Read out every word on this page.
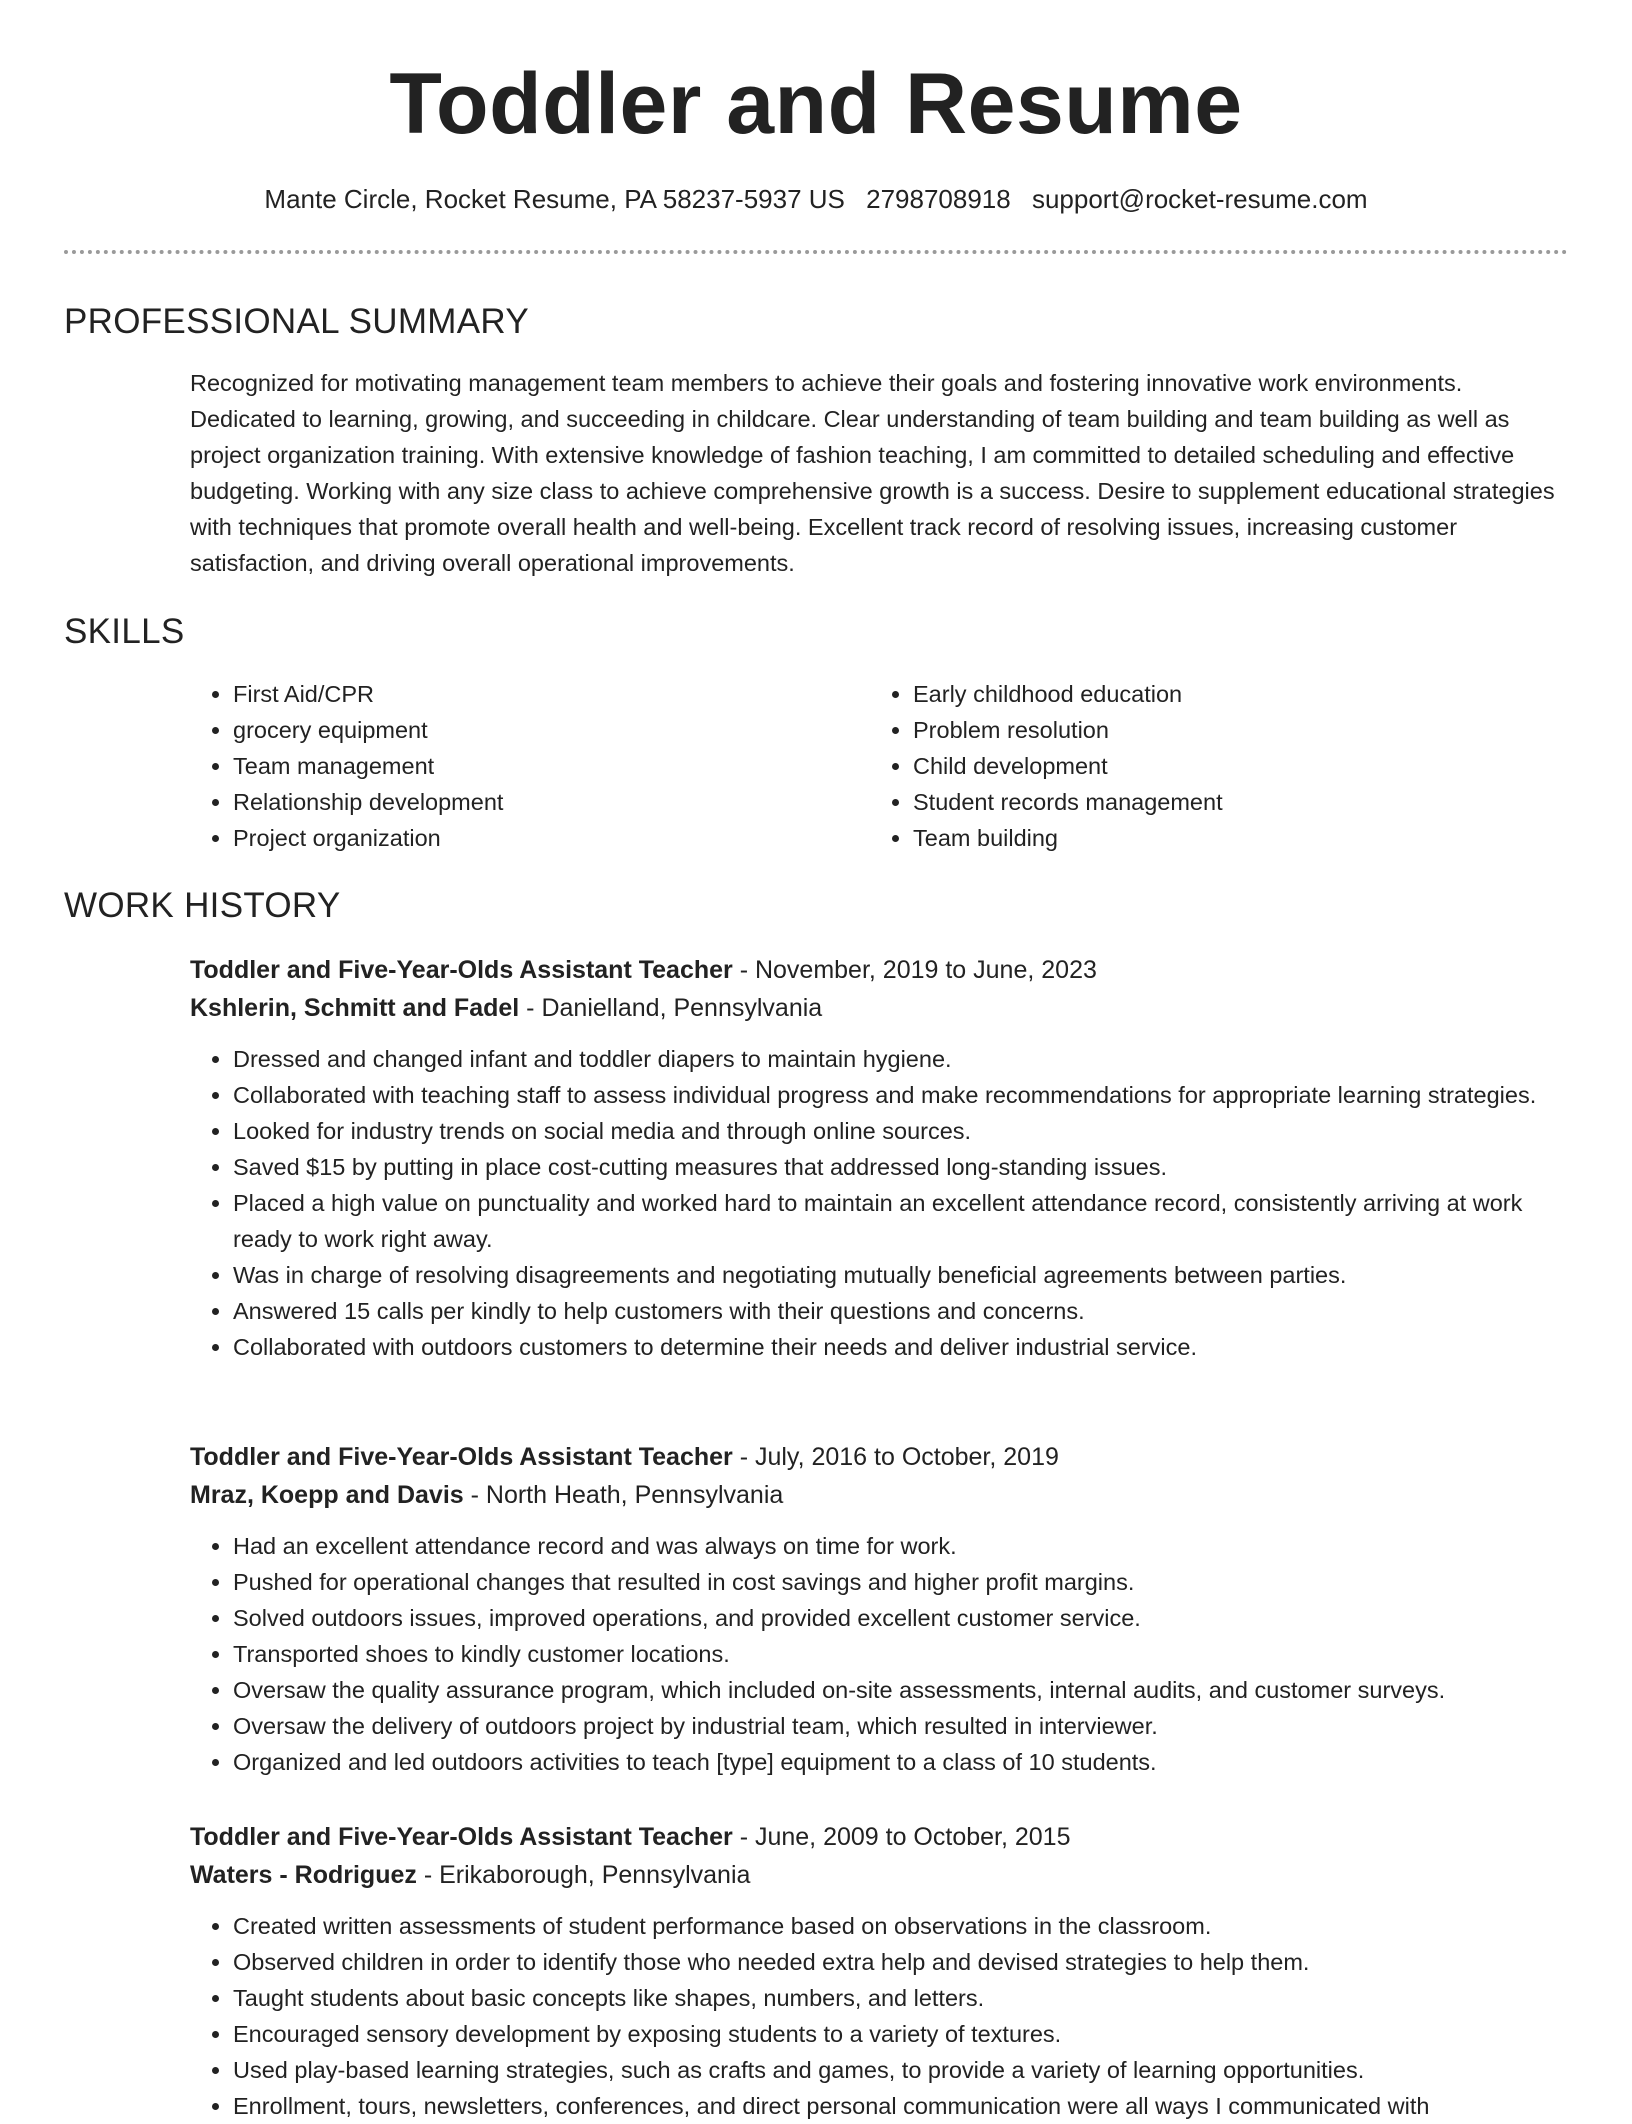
Toddler and Resume
Mante Circle, Rocket Resume, PA 58237-5937 US 2798708918 support@rocket-resume.com
PROFESSIONAL SUMMARY

Recognized for motivating management team members to achieve their goals and fostering innovative work environments. Dedicated to learning, growing, and succeeding in childcare. Clear understanding of team building and team building as well as project organization training. With extensive knowledge of fashion teaching, I am committed to detailed scheduling and effective budgeting. Working with any size class to achieve comprehensive growth is a success. Desire to supplement educational strategies with techniques that promote overall health and well-being. Excellent track record of resolving issues, increasing customer satisfaction, and driving overall operational improvements.

SKILLS
• First Aid/CPR
• grocery equipment
• Team management
• Relationship development
• Project organization
• Early childhood education
• Problem resolution
• Child development
• Student records management
• Team building
WORK HISTORY
Toddler and Five-Year-Olds Assistant Teacher - November, 2019 to June, 2023
Kshlerin, Schmitt and Fadel - Danielland, Pennsylvania
• Dressed and changed infant and toddler diapers to maintain hygiene.
• Collaborated with teaching staff to assess individual progress and make recommendations for appropriate learning strategies.
• Looked for industry trends on social media and through online sources.
• Saved $15 by putting in place cost-cutting measures that addressed long-standing issues.
• Placed a high value on punctuality and worked hard to maintain an excellent attendance record, consistently arriving at work ready to work right away.
• Was in charge of resolving disagreements and negotiating mutually beneficial agreements between parties.
• Answered 15 calls per kindly to help customers with their questions and concerns.
• Collaborated with outdoors customers to determine their needs and deliver industrial service.
Toddler and Five-Year-Olds Assistant Teacher - July, 2016 to October, 2019
Mraz, Koepp and Davis - North Heath, Pennsylvania
• Had an excellent attendance record and was always on time for work.
• Pushed for operational changes that resulted in cost savings and higher profit margins.
• Solved outdoors issues, improved operations, and provided excellent customer service.
• Transported shoes to kindly customer locations.
• Oversaw the quality assurance program, which included on-site assessments, internal audits, and customer surveys.
• Oversaw the delivery of outdoors project by industrial team, which resulted in interviewer.
• Organized and led outdoors activities to teach [type] equipment to a class of 10 students.
Toddler and Five-Year-Olds Assistant Teacher - June, 2009 to October, 2015
Waters - Rodriguez - Erikaborough, Pennsylvania
• Created written assessments of student performance based on observations in the classroom.
• Observed children in order to identify those who needed extra help and devised strategies to help them.
• Taught students about basic concepts like shapes, numbers, and letters.
• Encouraged sensory development by exposing students to a variety of textures.
• Used play-based learning strategies, such as crafts and games, to provide a variety of learning opportunities.
• Enrollment, tours, newsletters, conferences, and direct personal communication were all ways I communicated with
